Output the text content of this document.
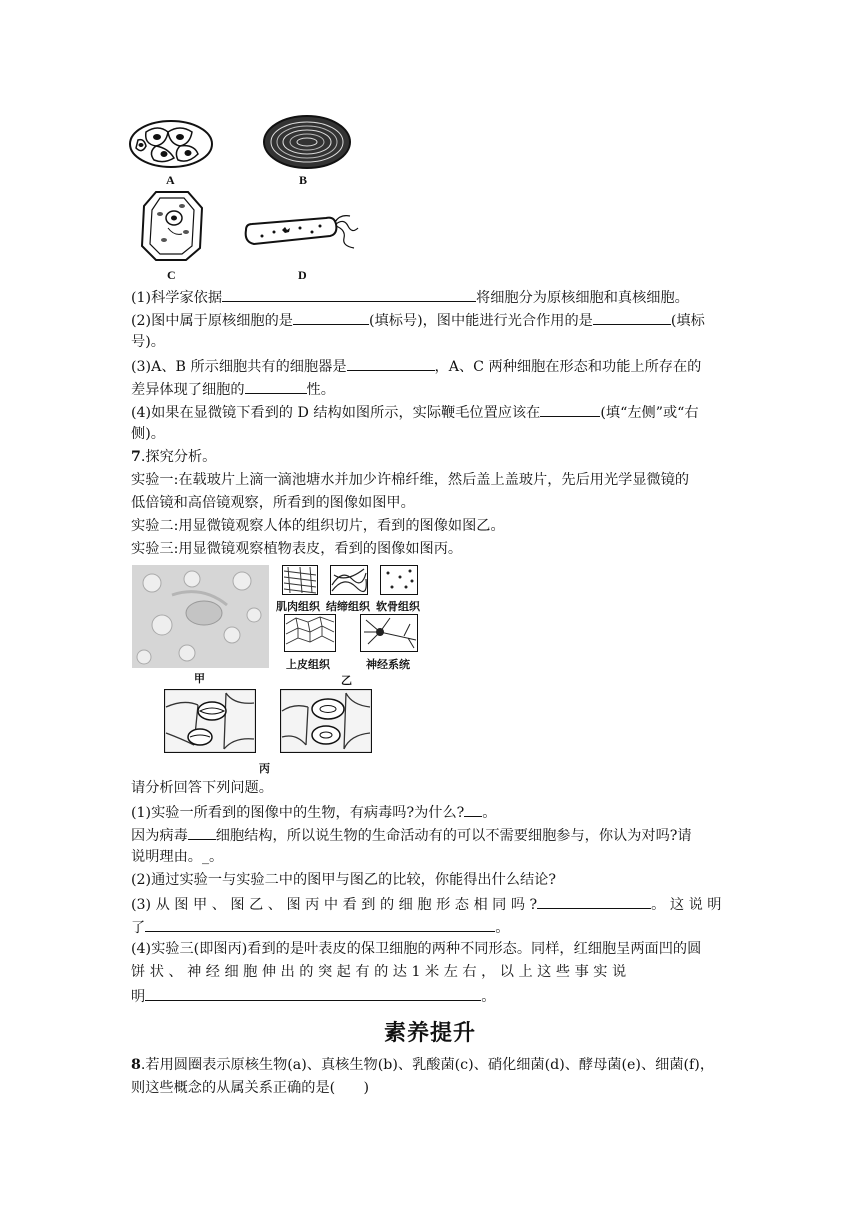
A	B
C	D
(1)科学家依据	将细胞分为原核细胞和真核细胞。
(2)图中属于原核细胞的是	(填标号)，图中能进行光合作用的是	(填标
号)。
(3)A、B 所示细胞共有的细胞器是	，A、C 两种细胞在形态和功能上所存在的
差异体现了细胞的	性。
(4)如果在显微镜下看到的 D 结构如图所示，实际鞭毛位置应该在	(填“左侧”或“右
侧)。
7.探究分析。
实验一:在载玻片上滴一滴池塘水并加少许棉纤维，然后盖上盖玻片，先后用光学显微镜的
低倍镜和高倍镜观察，所看到的图像如图甲。
实验二:用显微镜观察人体的组织切片，看到的图像如图乙。
实验三:用显微镜观察植物表皮，看到的图像如图丙。
甲
肌肉组织 结缔组织 软骨组织
上皮组织	神经系统
乙
丙
请分析回答下列问题。
(1)实验一所看到的图像中的生物，有病毒吗?为什么? 。
因为病毒 细胞结构，所以说生物的生命活动有的可以不需要细胞参与，你认为对吗?请
说明理由。_。
(2)通过实验一与实验二中的图甲与图乙的比较，你能得出什么结论?
(3) 从 图 甲 、 图 乙 、 图 丙 中 看 到 的 细 胞 形 态 相 同 吗 ?	。 这 说 明
了	。
(4)实验三(即图丙)看到的是叶表皮的保卫细胞的两种不同形态。同样，红细胞呈两面凹的圆
饼 状 、 神 经 细 胞 伸 出 的 突 起 有 的 达 1 米 左 右 ， 以 上 这 些 事 实 说
明	。
素养提升
8.若用圆圈表示原核生物(a)、真核生物(b)、乳酸菌(c)、硝化细菌(d)、酵母菌(e)、细菌(f)，
则这些概念的从属关系正确的是(　　)
